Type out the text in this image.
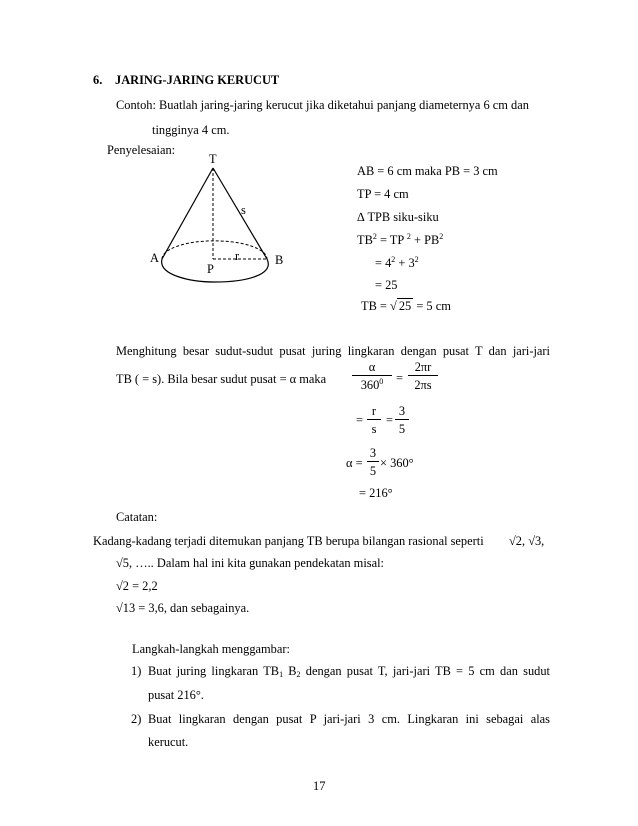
6. JARING-JARING KERUCUT
Contoh: Buatlah jaring-jaring kerucut jika diketahui panjang diameternya 6 cm dan
tingginya 4 cm.
Penyelesaian:
T
s
A	r	B
P
AB = 6 cm maka PB = 3 cm
TP = 4 cm
∆ TPB siku-siku
$TB^2$ = TP $^2 + PB^2$
= $4^2 + 3^2$
= 25
TB = √ 25 = 5 cm
Menghitung besar sudut-sudut pusat juring lingkaran dengan pusat T dan jari-jari
TB ( = s). Bila besar sudut pusat = α maka $\frac{\alpha}{360^0} = \frac{2\pi r}{2\pi s}$
= $\frac{r}{s} = \frac{3}{5}$
$\alpha = \frac{3}{5} \times 360^\circ$
= 216°
Catatan:
Kadang-kadang terjadi ditemukan panjang TB berupa bilangan rasional seperti √2, √3,
√5, ….. Dalam hal ini kita gunakan pendekatan misal:
√2 = 2,2
√13 = 3,6, dan sebagainya.
Langkah-langkah menggambar:
1) Buat juring lingkaran $TB_1$ $B_2$ dengan pusat T, jari-jari TB = 5 cm dan sudut
pusat 216°.
2) Buat lingkaran dengan pusat P jari-jari 3 cm. Lingkaran ini sebagai alas
kerucut.
17
